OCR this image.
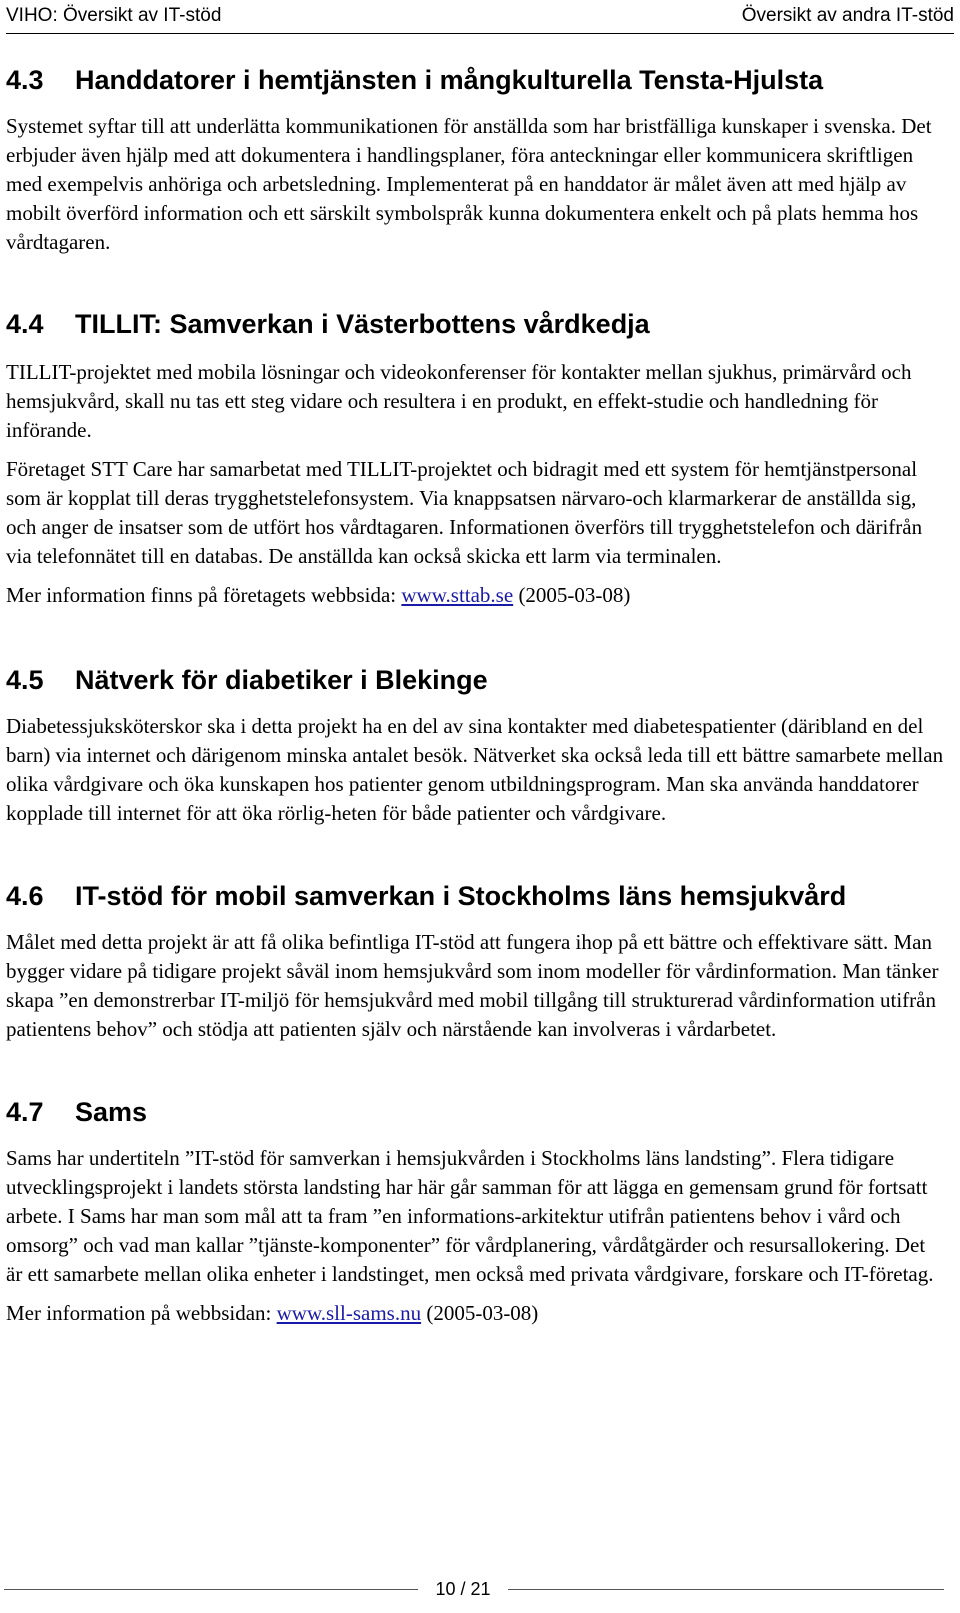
VIHO: Översikt av IT-stöd	Översikt av andra IT-stöd
4.3	Handdatorer i hemtjänsten i mångkulturella Tensta-Hjulsta

Systemet syftar till att underlätta kommunikationen för anställda som har bristfälliga kunskaper i svenska. Det erbjuder även hjälp med att dokumentera i handlingsplaner, föra anteckningar eller kommunicera skriftligen med exempelvis anhöriga och arbetsledning. Implementerat på en handdator är målet även att med hjälp av mobilt överförd information och ett särskilt symbolspråk kunna dokumentera enkelt och på plats hemma hos vårdtagaren.

4.4	TILLIT: Samverkan i Västerbottens vårdkedja

TILLIT-projektet med mobila lösningar och videokonferenser för kontakter mellan sjukhus, primärvård och hemsjukvård, skall nu tas ett steg vidare och resultera i en produkt, en effekt-studie och handledning för införande.

Företaget STT Care har samarbetat med TILLIT-projektet och bidragit med ett system för hemtjänstpersonal som är kopplat till deras trygghetstelefonsystem. Via knappsatsen närvaro-och klarmarkerar de anställda sig, och anger de insatser som de utfört hos vårdtagaren. Informationen överförs till trygghetstelefon och därifrån via telefonnätet till en databas. De anställda kan också skicka ett larm via terminalen.

Mer information finns på företagets webbsida: www.sttab.se (2005-03-08)

4.5	Nätverk för diabetiker i Blekinge

Diabetessjuksköterskor ska i detta projekt ha en del av sina kontakter med diabetespatienter (däribland en del barn) via internet och därigenom minska antalet besök. Nätverket ska också leda till ett bättre samarbete mellan olika vårdgivare och öka kunskapen hos patienter genom utbildningsprogram. Man ska använda handdatorer kopplade till internet för att öka rörlig-heten för både patienter och vårdgivare.

4.6	IT-stöd för mobil samverkan i Stockholms läns hemsjukvård

Målet med detta projekt är att få olika befintliga IT-stöd att fungera ihop på ett bättre och effektivare sätt. Man bygger vidare på tidigare projekt såväl inom hemsjukvård som inom modeller för vårdinformation. Man tänker skapa ”en demonstrerbar IT-miljö för hemsjukvård med mobil tillgång till strukturerad vårdinformation utifrån patientens behov” och stödja att patienten själv och närstående kan involveras i vårdarbetet.

4.7	Sams

Sams har undertiteln ”IT-stöd för samverkan i hemsjukvården i Stockholms läns landsting”. Flera tidigare utvecklingsprojekt i landets största landsting har här går samman för att lägga en gemensam grund för fortsatt arbete. I Sams har man som mål att ta fram ”en informations-arkitektur utifrån patientens behov i vård och omsorg” och vad man kallar ”tjänste-komponenter” för vårdplanering, vårdåtgärder och resursallokering. Det är ett samarbete mellan olika enheter i landstinget, men också med privata vårdgivare, forskare och IT-företag.

Mer information på webbsidan: www.sll-sams.nu (2005-03-08)

10 / 21
